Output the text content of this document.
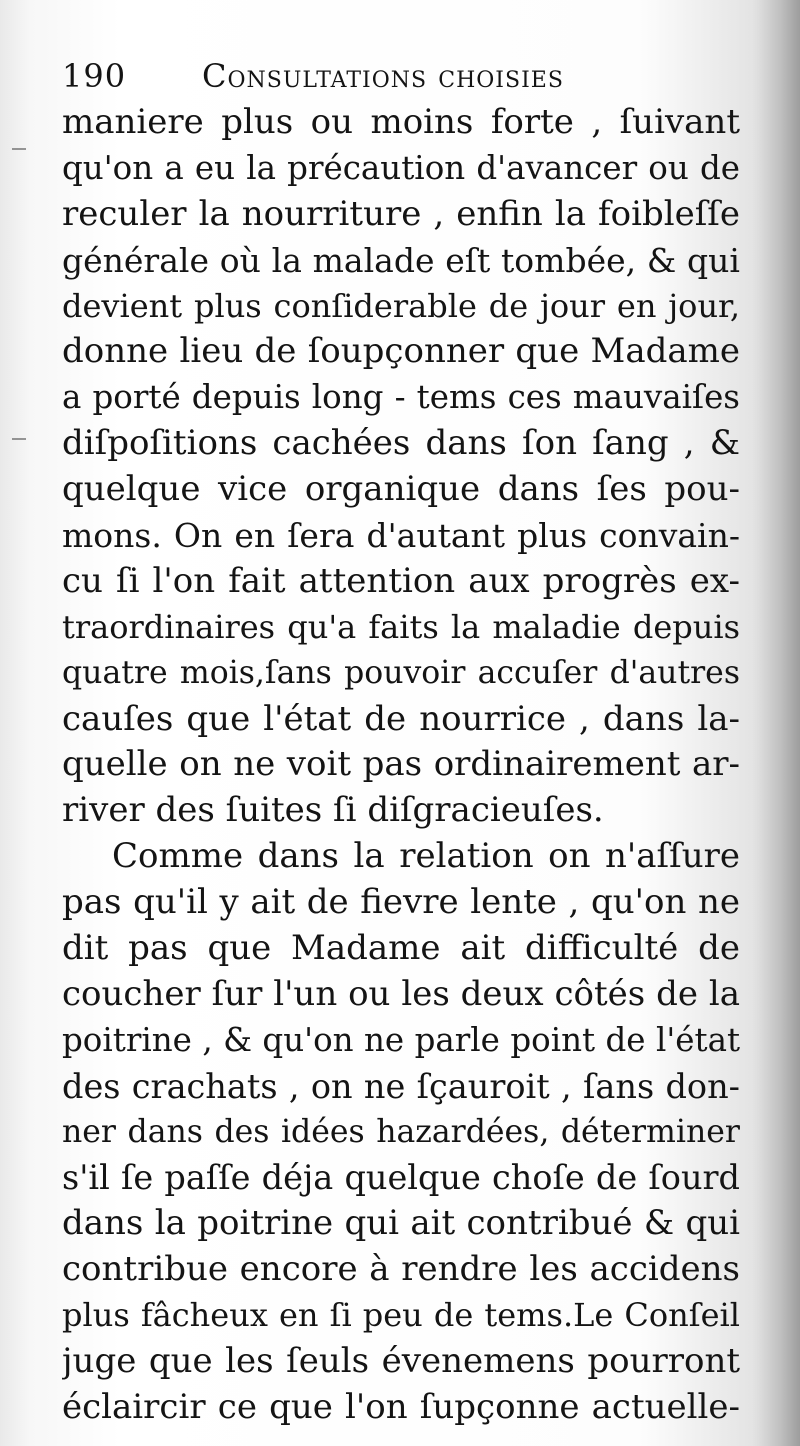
190 Consultations choisies
maniere plus ou moins forte , ſuivant
qu'on a eu la précaution d'avancer ou de
reculer la nourriture , enfin la foibleſſe
générale où la malade eſt tombée, & qui
devient plus conſiderable de jour en jour,
donne lieu de ſoupçonner que Madame
a porté depuis long - tems ces mauvaiſes
diſpoſitions cachées dans ſon ſang , &
quelque vice organique dans ſes pou-
mons. On en ſera d'autant plus convain-
cu ſi l'on fait attention aux progrès ex-
traordinaires qu'a faits la maladie depuis
quatre mois,ſans pouvoir accuſer d'autres
cauſes que l'état de nourrice , dans la-
quelle on ne voit pas ordinairement ar-
river des ſuites ſi diſgracieuſes.
Comme dans la relation on n'aſſure
pas qu'il y ait de fievre lente , qu'on ne
dit pas que Madame ait difficulté de
coucher ſur l'un ou les deux côtés de la
poitrine , & qu'on ne parle point de l'état
des crachats , on ne ſçauroit , ſans don-
ner dans des idées hazardées, déterminer
s'il ſe paſſe déja quelque choſe de ſourd
dans la poitrine qui ait contribué & qui
contribue encore à rendre les accidens
plus fâcheux en ſi peu de tems.Le Conſeil
juge que les ſeuls évenemens pourront
éclaircir ce que l'on ſupçonne actuelle-
